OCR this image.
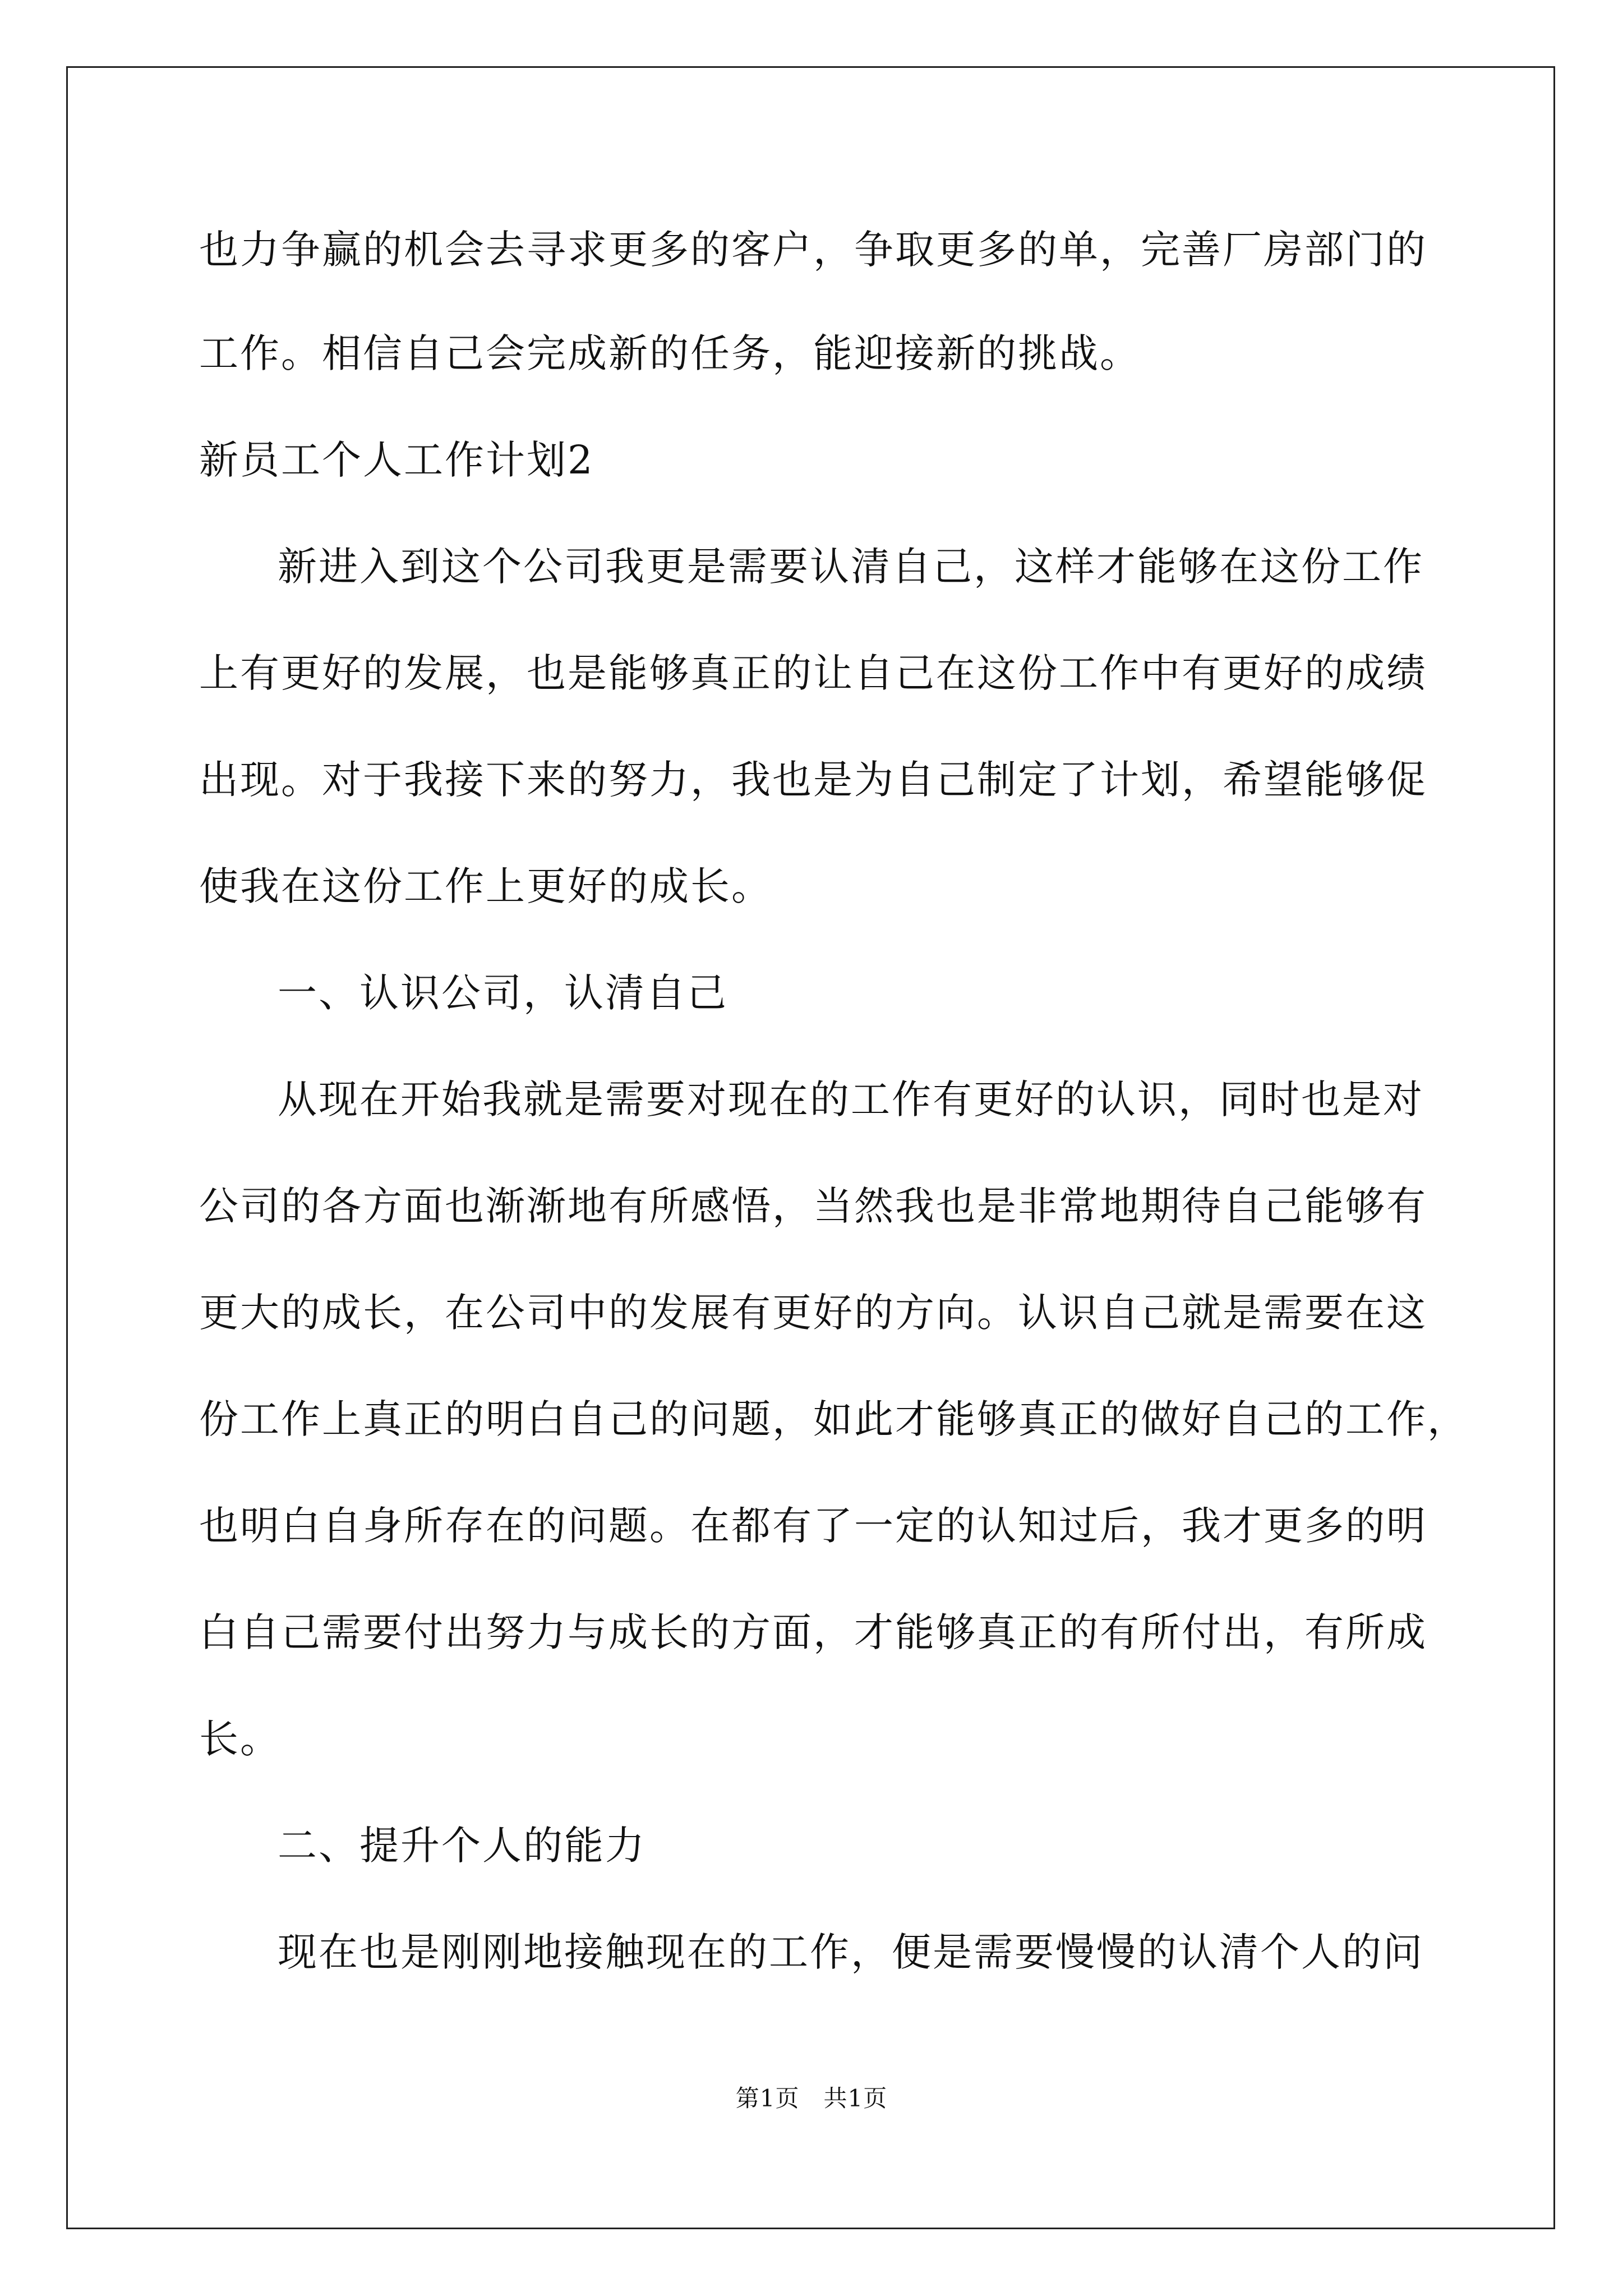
也力争赢的机会去寻求更多的客户，争取更多的单，完善厂房部门的
工作。相信自己会完成新的任务，能迎接新的挑战。
新员工个人工作计划2
新进入到这个公司我更是需要认清自己，这样才能够在这份工作
上有更好的发展，也是能够真正的让自己在这份工作中有更好的成绩
出现。对于我接下来的努力，我也是为自己制定了计划，希望能够促
使我在这份工作上更好的成长。
一、认识公司，认清自己
从现在开始我就是需要对现在的工作有更好的认识，同时也是对
公司的各方面也渐渐地有所感悟，当然我也是非常地期待自己能够有
更大的成长，在公司中的发展有更好的方向。认识自己就是需要在这
份工作上真正的明白自己的问题，如此才能够真正的做好自己的工作，
也明白自身所存在的问题。在都有了一定的认知过后，我才更多的明
白自己需要付出努力与成长的方面，才能够真正的有所付出，有所成
长。
二、提升个人的能力
现在也是刚刚地接触现在的工作，便是需要慢慢的认清个人的问
第1页　共1页
